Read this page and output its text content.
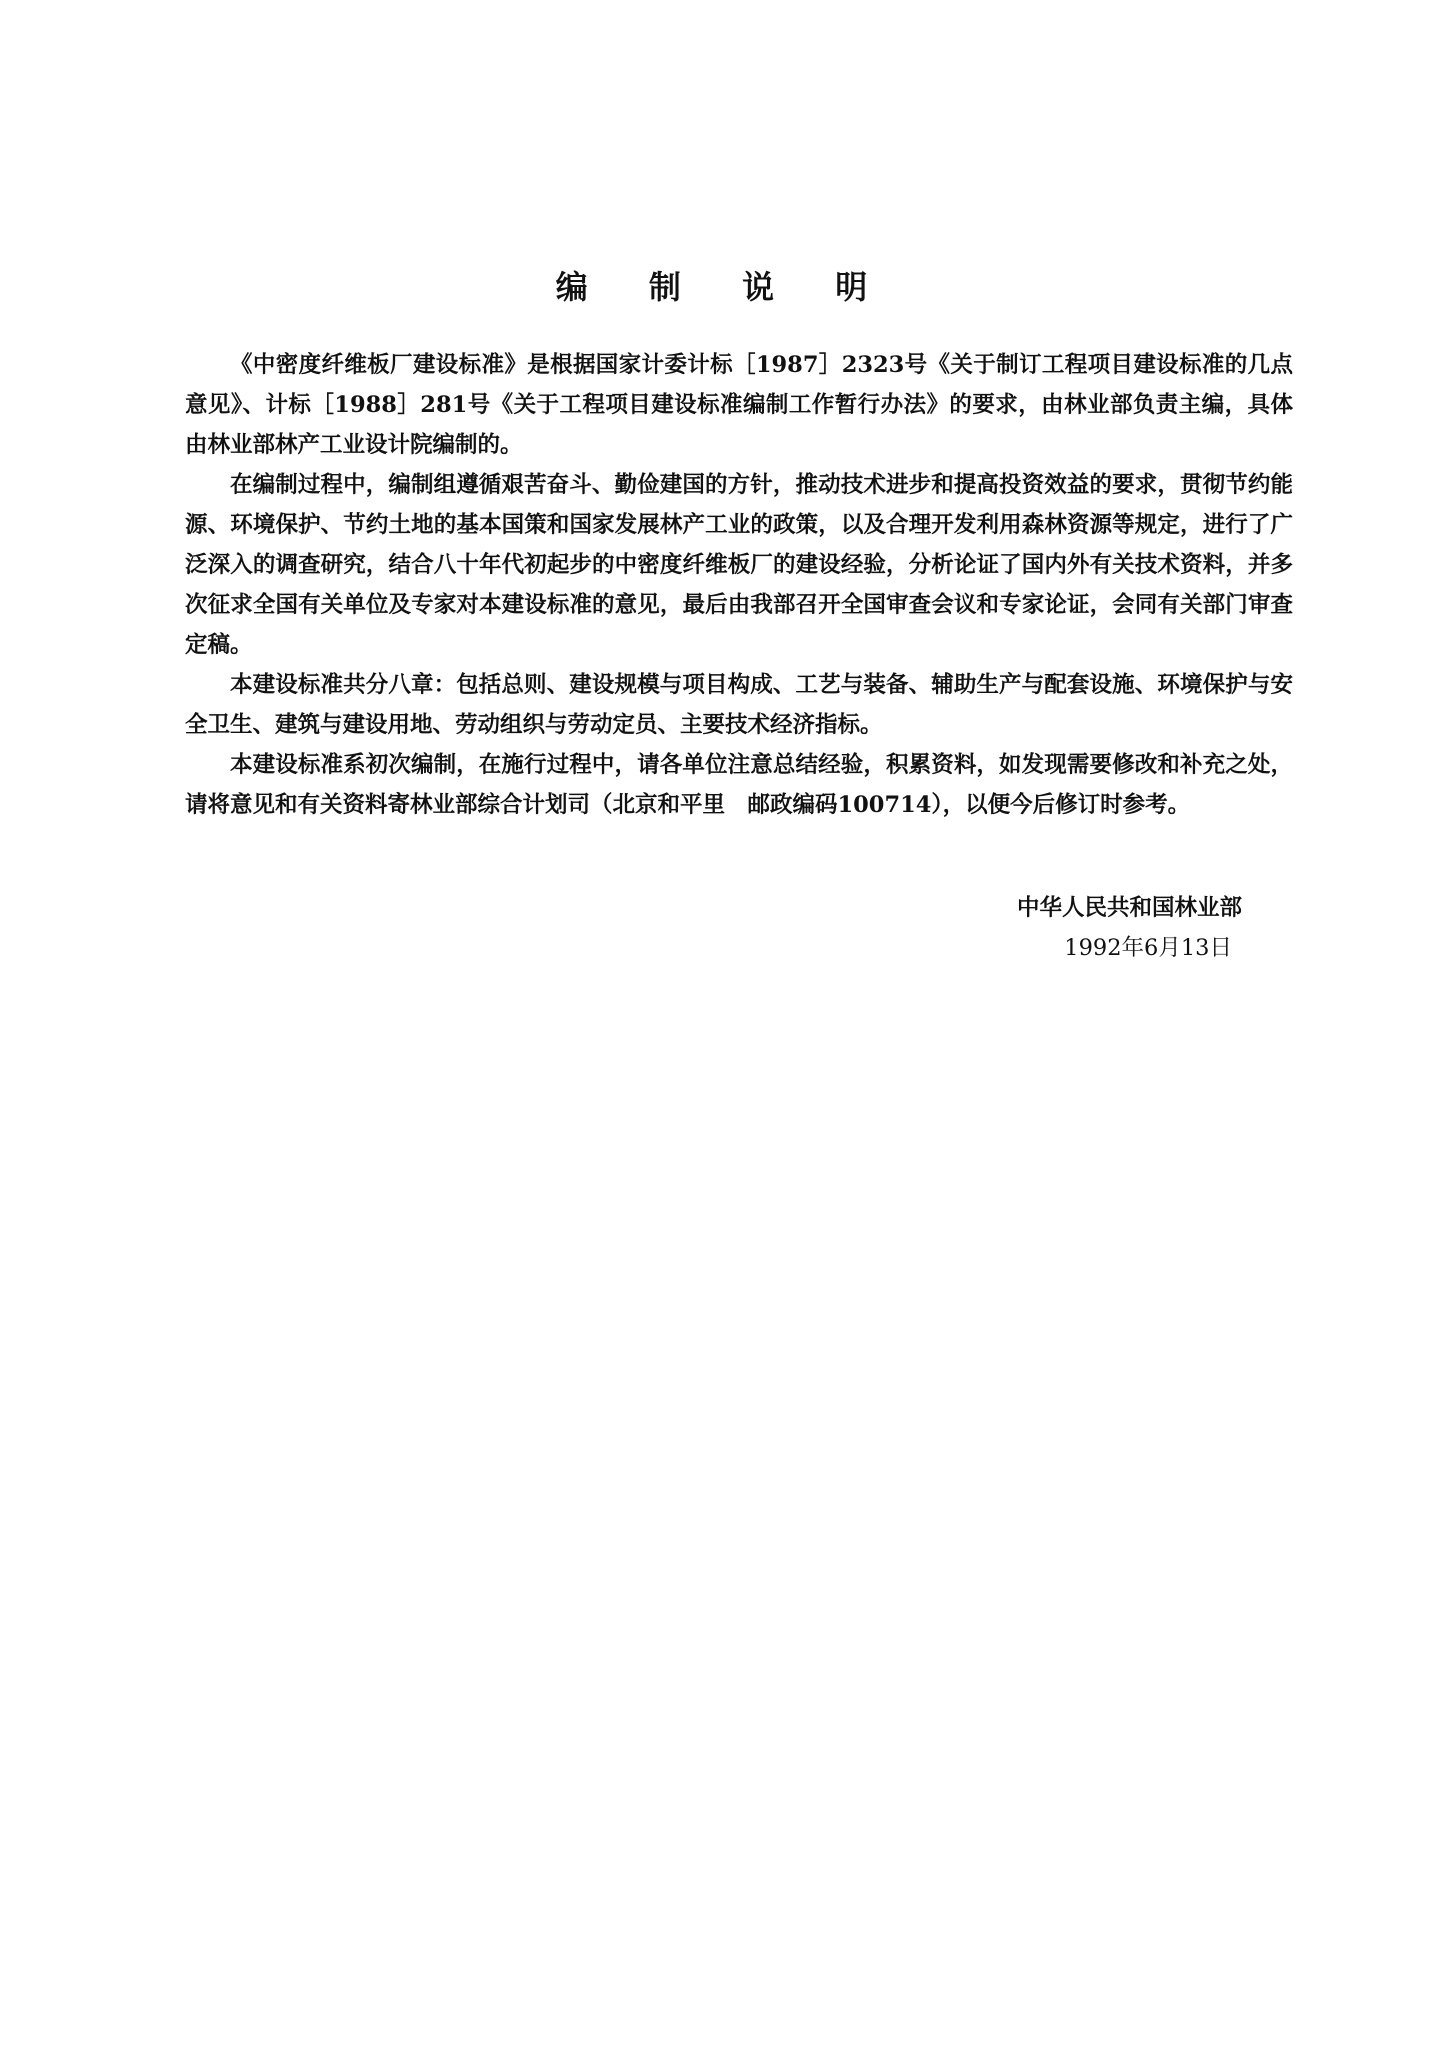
编 制 说 明

《中密度纤维板厂建设标准》是根据国家计委计标［1987］2323号《关于制订工程项目建设标准的几点意见》、计标［1988］281号《关于工程项目建设标准编制工作暂行办法》的要求，由林业部负责主编，具体由林业部林产工业设计院编制的。

在编制过程中，编制组遵循艰苦奋斗、勤俭建国的方针，推动技术进步和提高投资效益的要求，贯彻节约能源、环境保护、节约土地的基本国策和国家发展林产工业的政策，以及合理开发利用森林资源等规定，进行了广泛深入的调查研究，结合八十年代初起步的中密度纤维板厂的建设经验，分析论证了国内外有关技术资料，并多次征求全国有关单位及专家对本建设标准的意见，最后由我部召开全国审查会议和专家论证，会同有关部门审查定稿。

本建设标准共分八章：包括总则、建设规模与项目构成、工艺与装备、辅助生产与配套设施、环境保护与安全卫生、建筑与建设用地、劳动组织与劳动定员、主要技术经济指标。

本建设标准系初次编制，在施行过程中，请各单位注意总结经验，积累资料，如发现需要修改和补充之处，请将意见和有关资料寄林业部综合计划司（北京和平里　邮政编码100714），以便今后修订时参考。

中华人民共和国林业部

1992年6月13日
